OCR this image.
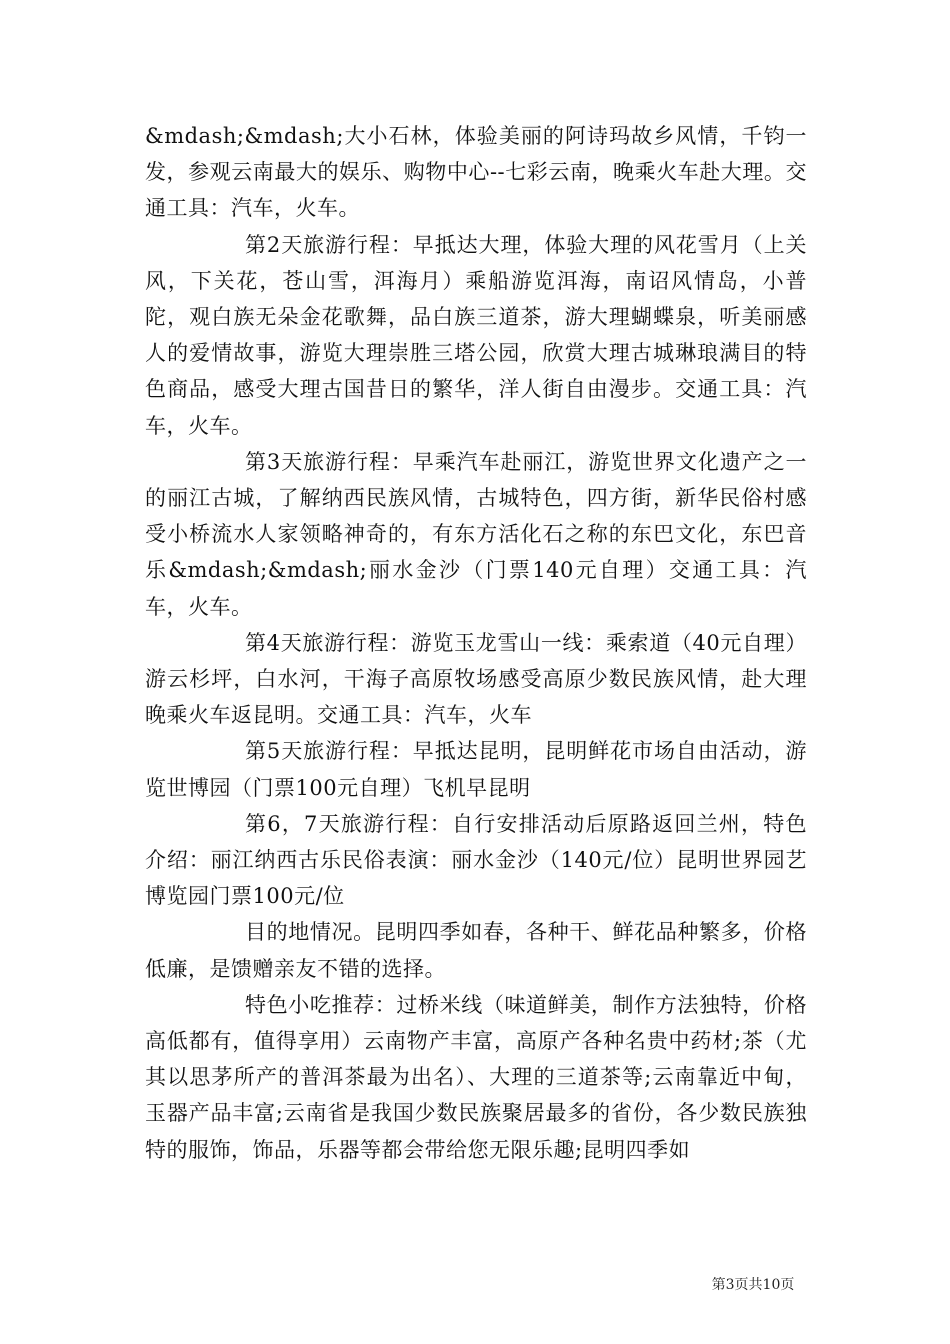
&mdash;&mdash;大小石林，体验美丽的阿诗玛故乡风情，千钧一发，参观云南最大的娱乐、购物中心--七彩云南，晚乘火车赴大理。交通工具：汽车，火车。

第2天旅游行程：早抵达大理，体验大理的风花雪月（上关风，下关花，苍山雪，洱海月）乘船游览洱海，南诏风情岛，小普陀，观白族无朵金花歌舞，品白族三道茶，游大理蝴蝶泉，听美丽感人的爱情故事，游览大理崇胜三塔公园，欣赏大理古城琳琅满目的特色商品，感受大理古国昔日的繁华，洋人街自由漫步。交通工具：汽车，火车。

第3天旅游行程：早乘汽车赴丽江，游览世界文化遗产之一的丽江古城，了解纳西民族风情，古城特色，四方街，新华民俗村感受小桥流水人家领略神奇的，有东方活化石之称的东巴文化，东巴音乐&mdash;&mdash;丽水金沙（门票140元自理）交通工具：汽车，火车。

第4天旅游行程：游览玉龙雪山一线：乘索道（40元自理）游云杉坪，白水河，干海子高原牧场感受高原少数民族风情，赴大理晚乘火车返昆明。交通工具：汽车，火车

第5天旅游行程：早抵达昆明，昆明鲜花市场自由活动，游览世博园（门票100元自理）飞机早昆明

第6，7天旅游行程：自行安排活动后原路返回兰州，特色介绍：丽江纳西古乐民俗表演：丽水金沙（140元/位）昆明世界园艺博览园门票100元/位

目的地情况。昆明四季如春，各种干、鲜花品种繁多，价格低廉，是馈赠亲友不错的选择。

特色小吃推荐：过桥米线（味道鲜美，制作方法独特，价格高低都有，值得享用）云南物产丰富，高原产各种名贵中药材;茶（尤其以思茅所产的普洱茶最为出名）、大理的三道茶等;云南靠近中甸，玉器产品丰富;云南省是我国少数民族聚居最多的省份，各少数民族独特的服饰，饰品，乐器等都会带给您无限乐趣;昆明四季如

第3页共10页
